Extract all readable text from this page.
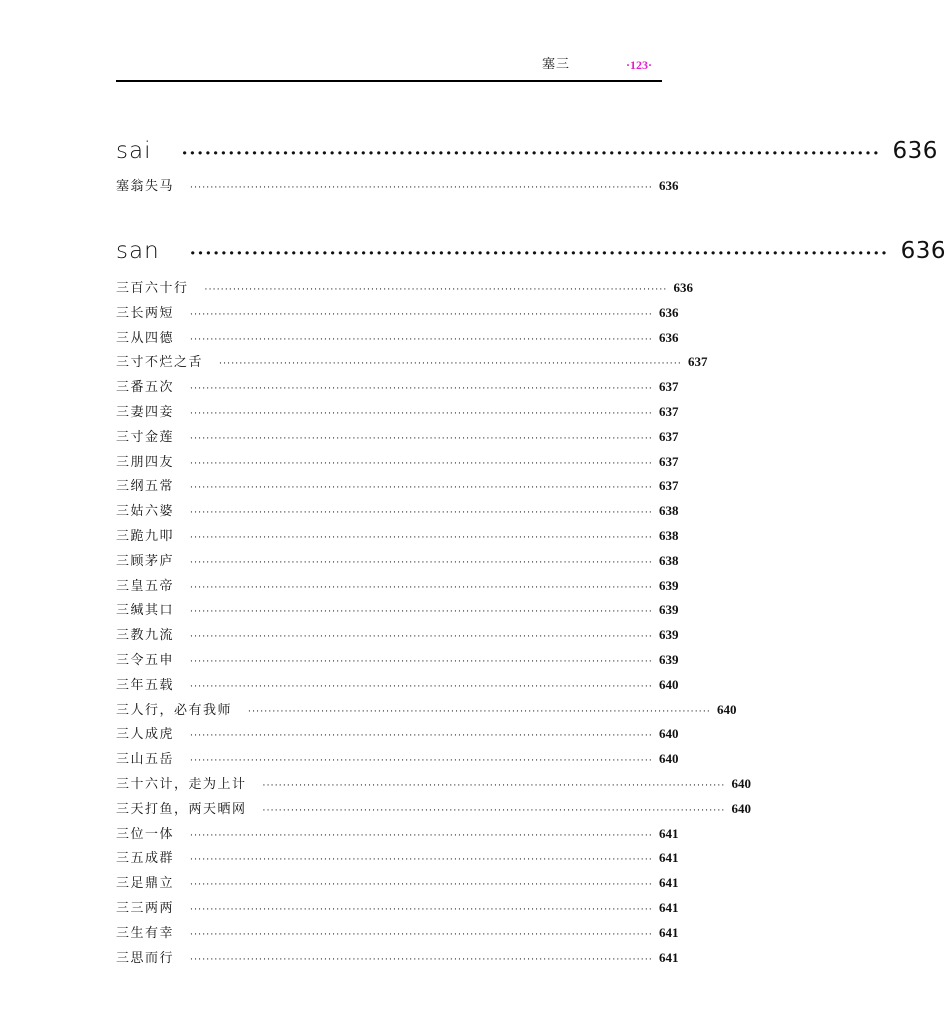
塞三	·123·
sai ·························································································· 636
塞翁失马 ·················································································································· 636
san ·························································································· 636
三百六十行 ·················································································································· 636
三长两短 ·················································································································· 636
三从四德 ·················································································································· 636
三寸不烂之舌 ·················································································································· 637
三番五次 ·················································································································· 637
三妻四妾 ·················································································································· 637
三寸金莲 ·················································································································· 637
三朋四友 ·················································································································· 637
三纲五常 ·················································································································· 637
三姑六婆 ·················································································································· 638
三跪九叩 ·················································································································· 638
三顾茅庐 ·················································································································· 638
三皇五帝 ·················································································································· 639
三缄其口 ·················································································································· 639
三教九流 ·················································································································· 639
三令五申 ·················································································································· 639
三年五载 ·················································································································· 640
三人行，必有我师 ·················································································································· 640
三人成虎 ·················································································································· 640
三山五岳 ·················································································································· 640
三十六计，走为上计 ·················································································································· 640
三天打鱼，两天晒网 ·················································································································· 640
三位一体 ·················································································································· 641
三五成群 ·················································································································· 641
三足鼎立 ·················································································································· 641
三三两两 ·················································································································· 641
三生有幸 ·················································································································· 641
三思而行 ·················································································································· 641
